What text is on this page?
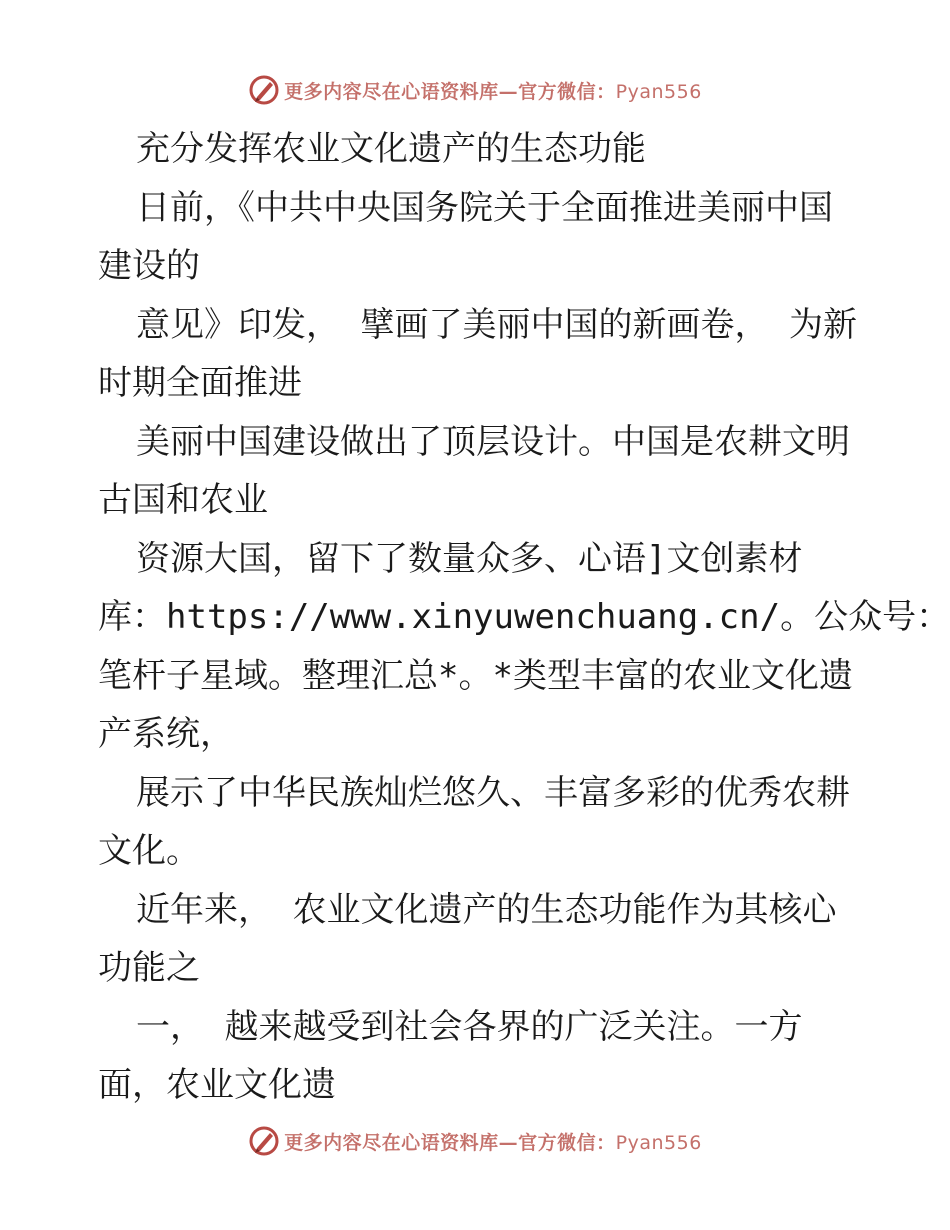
更多内容尽在心语资料库—官方微信：Pyan556

充分发挥农业文化遗产的生态功能

日前，《中共中央国务院关于全面推进美丽中国

建设的

意见》印发， 擘画了美丽中国的新画卷， 为新

时期全面推进

美丽中国建设做出了顶层设计。中国是农耕文明

古国和农业

资源大国，留下了数量众多、心语]文创素材

库：https://www.xinyuwenchuang.cn/。公众号：

笔杆子星域。整理汇总*。*类型丰富的农业文化遗

产系统，

展示了中华民族灿烂悠久、丰富多彩的优秀农耕

文化。

近年来， 农业文化遗产的生态功能作为其核心

功能之

一， 越来越受到社会各界的广泛关注。一方

面，农业文化遗

更多内容尽在心语资料库—官方微信：Pyan556
